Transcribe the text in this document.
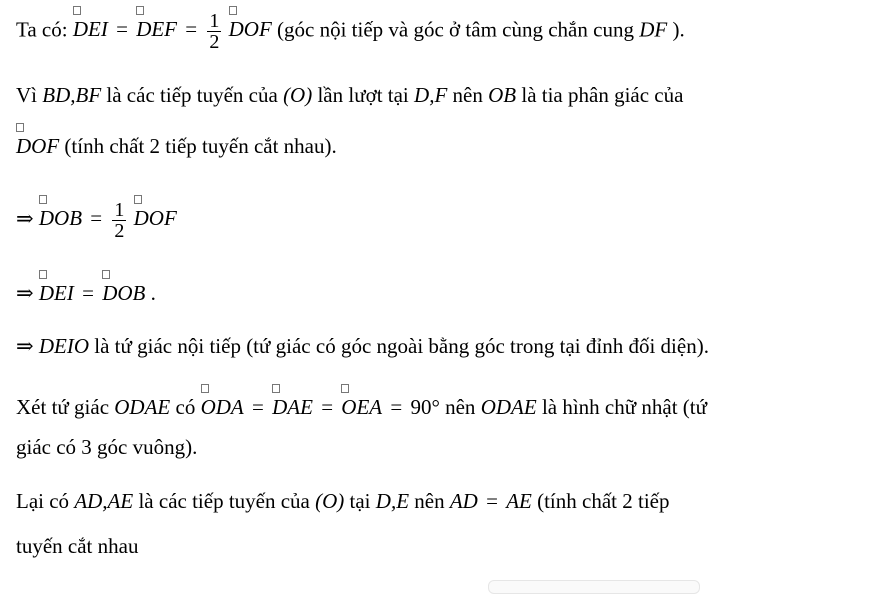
Ta có: DEI = DEF = $\frac{1}{2}$ DOF (góc nội tiếp và góc ở tâm cùng chắn cung DF ).
Vì BD,BF là các tiếp tuyến của (O) lần lượt tại D,F nên OB là tia phân giác của
DOF (tính chất 2 tiếp tuyến cắt nhau).
⇒ DOB = $\frac{1}{2}$ DOF
⇒ DEI = DOB .
⇒ DEIO là tứ giác nội tiếp (tứ giác có góc ngoài bằng góc trong tại đỉnh đối diện).
Xét tứ giác ODAE có ODA = DAE = OEA = 90° nên ODAE là hình chữ nhật (tứ
giác có 3 góc vuông).
Lại có AD,AE là các tiếp tuyến của (O) tại D,E nên AD = AE (tính chất 2 tiếp
tuyến cắt nhau
